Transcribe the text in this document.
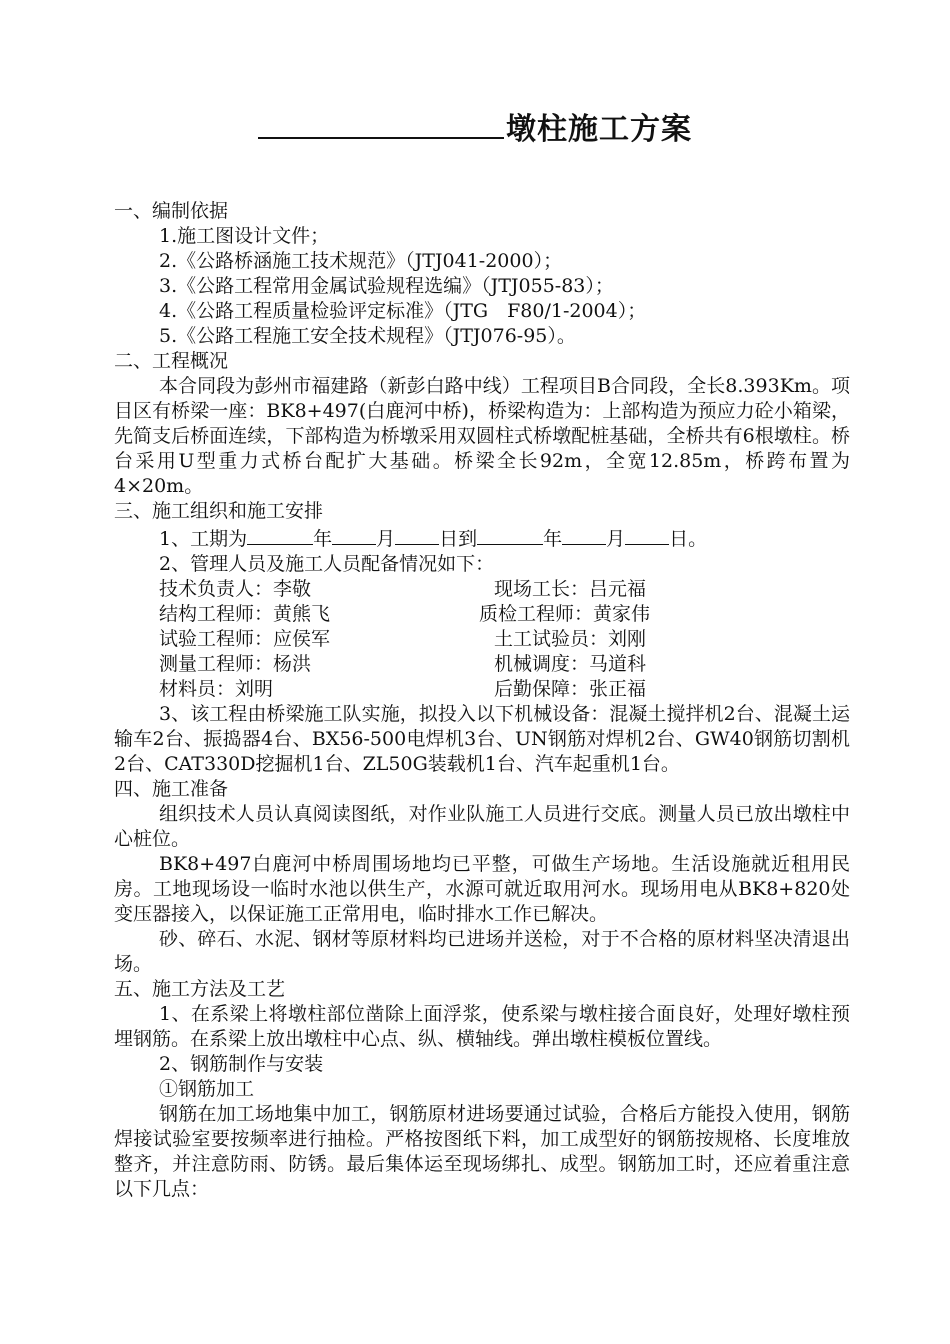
墩柱施工方案

一、编制依据

1.施工图设计文件；

2.《公路桥涵施工技术规范》（JTJ041-2000）；

3.《公路工程常用金属试验规程选编》（JTJ055-83）；

4.《公路工程质量检验评定标准》（JTG　F80/1-2004）；

5.《公路工程施工安全技术规程》（JTJ076-95）。

二、工程概况

本合同段为彭州市福建路（新彭白路中线）工程项目B合同段，全长8.393Km。项目区有桥梁一座：BK8+497(白鹿河中桥)，桥梁构造为：上部构造为预应力砼小箱梁，先简支后桥面连续，下部构造为桥墩采用双圆柱式桥墩配桩基础，全桥共有6根墩柱。桥台采用U型重力式桥台配扩大基础。桥梁全长92m，全宽12.85m，桥跨布置为4×20m。

三、施工组织和施工安排

1、工期为	年 月 日到	年 月 日。

2、管理人员及施工人员配备情况如下：

技术负责人：李敬	现场工长：吕元福
结构工程师：黄熊飞	质检工程师：黄家伟
试验工程师：应侯军	土工试验员：刘刚
测量工程师：杨洪	机械调度：马道科
材料员：刘明	后勤保障：张正福

3、该工程由桥梁施工队实施，拟投入以下机械设备：混凝土搅拌机2台、混凝土运输车2台、振捣器4台、BX56-500电焊机3台、UN钢筋对焊机2台、GW40钢筋切割机2台、CAT330D挖掘机1台、ZL50G装载机1台、汽车起重机1台。

四、施工准备

组织技术人员认真阅读图纸，对作业队施工人员进行交底。测量人员已放出墩柱中心桩位。

BK8+497白鹿河中桥周围场地均已平整，可做生产场地。生活设施就近租用民房。工地现场设一临时水池以供生产，水源可就近取用河水。现场用电从BK8+820处变压器接入，以保证施工正常用电，临时排水工作已解决。

砂、碎石、水泥、钢材等原材料均已进场并送检，对于不合格的原材料坚决清退出场。

五、施工方法及工艺

1、在系梁上将墩柱部位凿除上面浮浆，使系梁与墩柱接合面良好，处理好墩柱预埋钢筋。在系梁上放出墩柱中心点、纵、横轴线。弹出墩柱模板位置线。

2、钢筋制作与安装

①钢筋加工

钢筋在加工场地集中加工，钢筋原材进场要通过试验，合格后方能投入使用，钢筋焊接试验室要按频率进行抽检。严格按图纸下料，加工成型好的钢筋按规格、长度堆放整齐，并注意防雨、防锈。最后集体运至现场绑扎、成型。钢筋加工时，还应着重注意以下几点：
